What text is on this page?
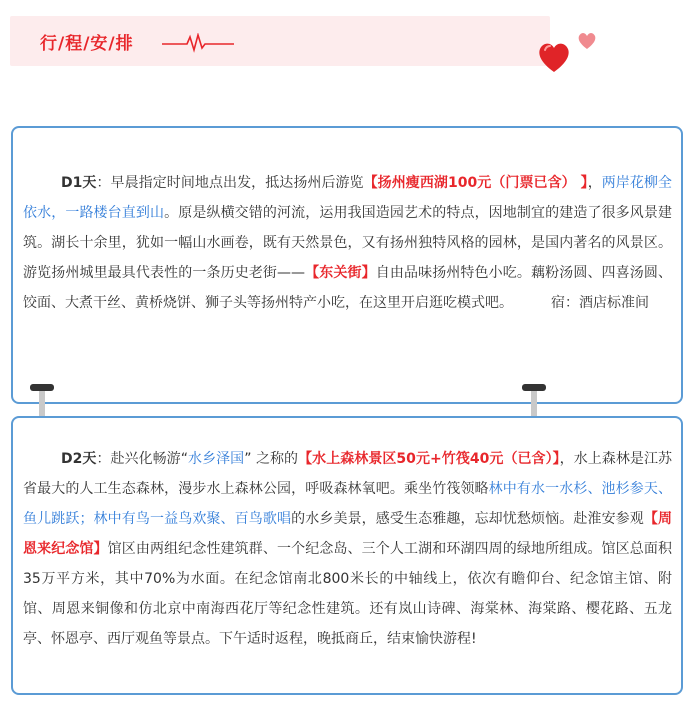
行/程/安/排

D1天：早晨指定时间地点出发，抵达扬州后游览【扬州瘦西湖100元（门票已含） 】，两岸花柳全依水，一路楼台直到山。原是纵横交错的河流，运用我国造园艺术的特点，因地制宜的建造了很多风景建筑。湖长十余里，犹如一幅山水画卷，既有天然景色，又有扬州独特风格的园林，是国内著名的风景区。游览扬州城里最具代表性的一条历史老街——【东关街】自由品味扬州特色小吃。藕粉汤圆、四喜汤圆、饺面、大煮干丝、黄桥烧饼、狮子头等扬州特产小吃，在这里开启逛吃模式吧。	宿：酒店标准间

D2天：赴兴化畅游“水乡泽国” 之称的【水上森林景区50元+竹筏40元（已含）】，水上森林是江苏省最大的人工生态森林，漫步水上森林公园，呼吸森林氧吧。乘坐竹筏领略林中有水一水杉、池杉参天、鱼儿跳跃；林中有鸟一益鸟欢聚、百鸟歌唱的水乡美景，感受生态雅趣，忘却忧愁烦恼。赴淮安参观【周恩来纪念馆】馆区由两组纪念性建筑群、一个纪念岛、三个人工湖和环湖四周的绿地所组成。馆区总面积35万平方米，其中70%为水面。在纪念馆南北800米长的中轴线上，依次有瞻仰台、纪念馆主馆、附馆、周恩来铜像和仿北京中南海西花厅等纪念性建筑。还有岚山诗碑、海棠林、海棠路、樱花路、五龙亭、怀恩亭、西厅观鱼等景点。下午适时返程，晚抵商丘，结束愉快游程!
